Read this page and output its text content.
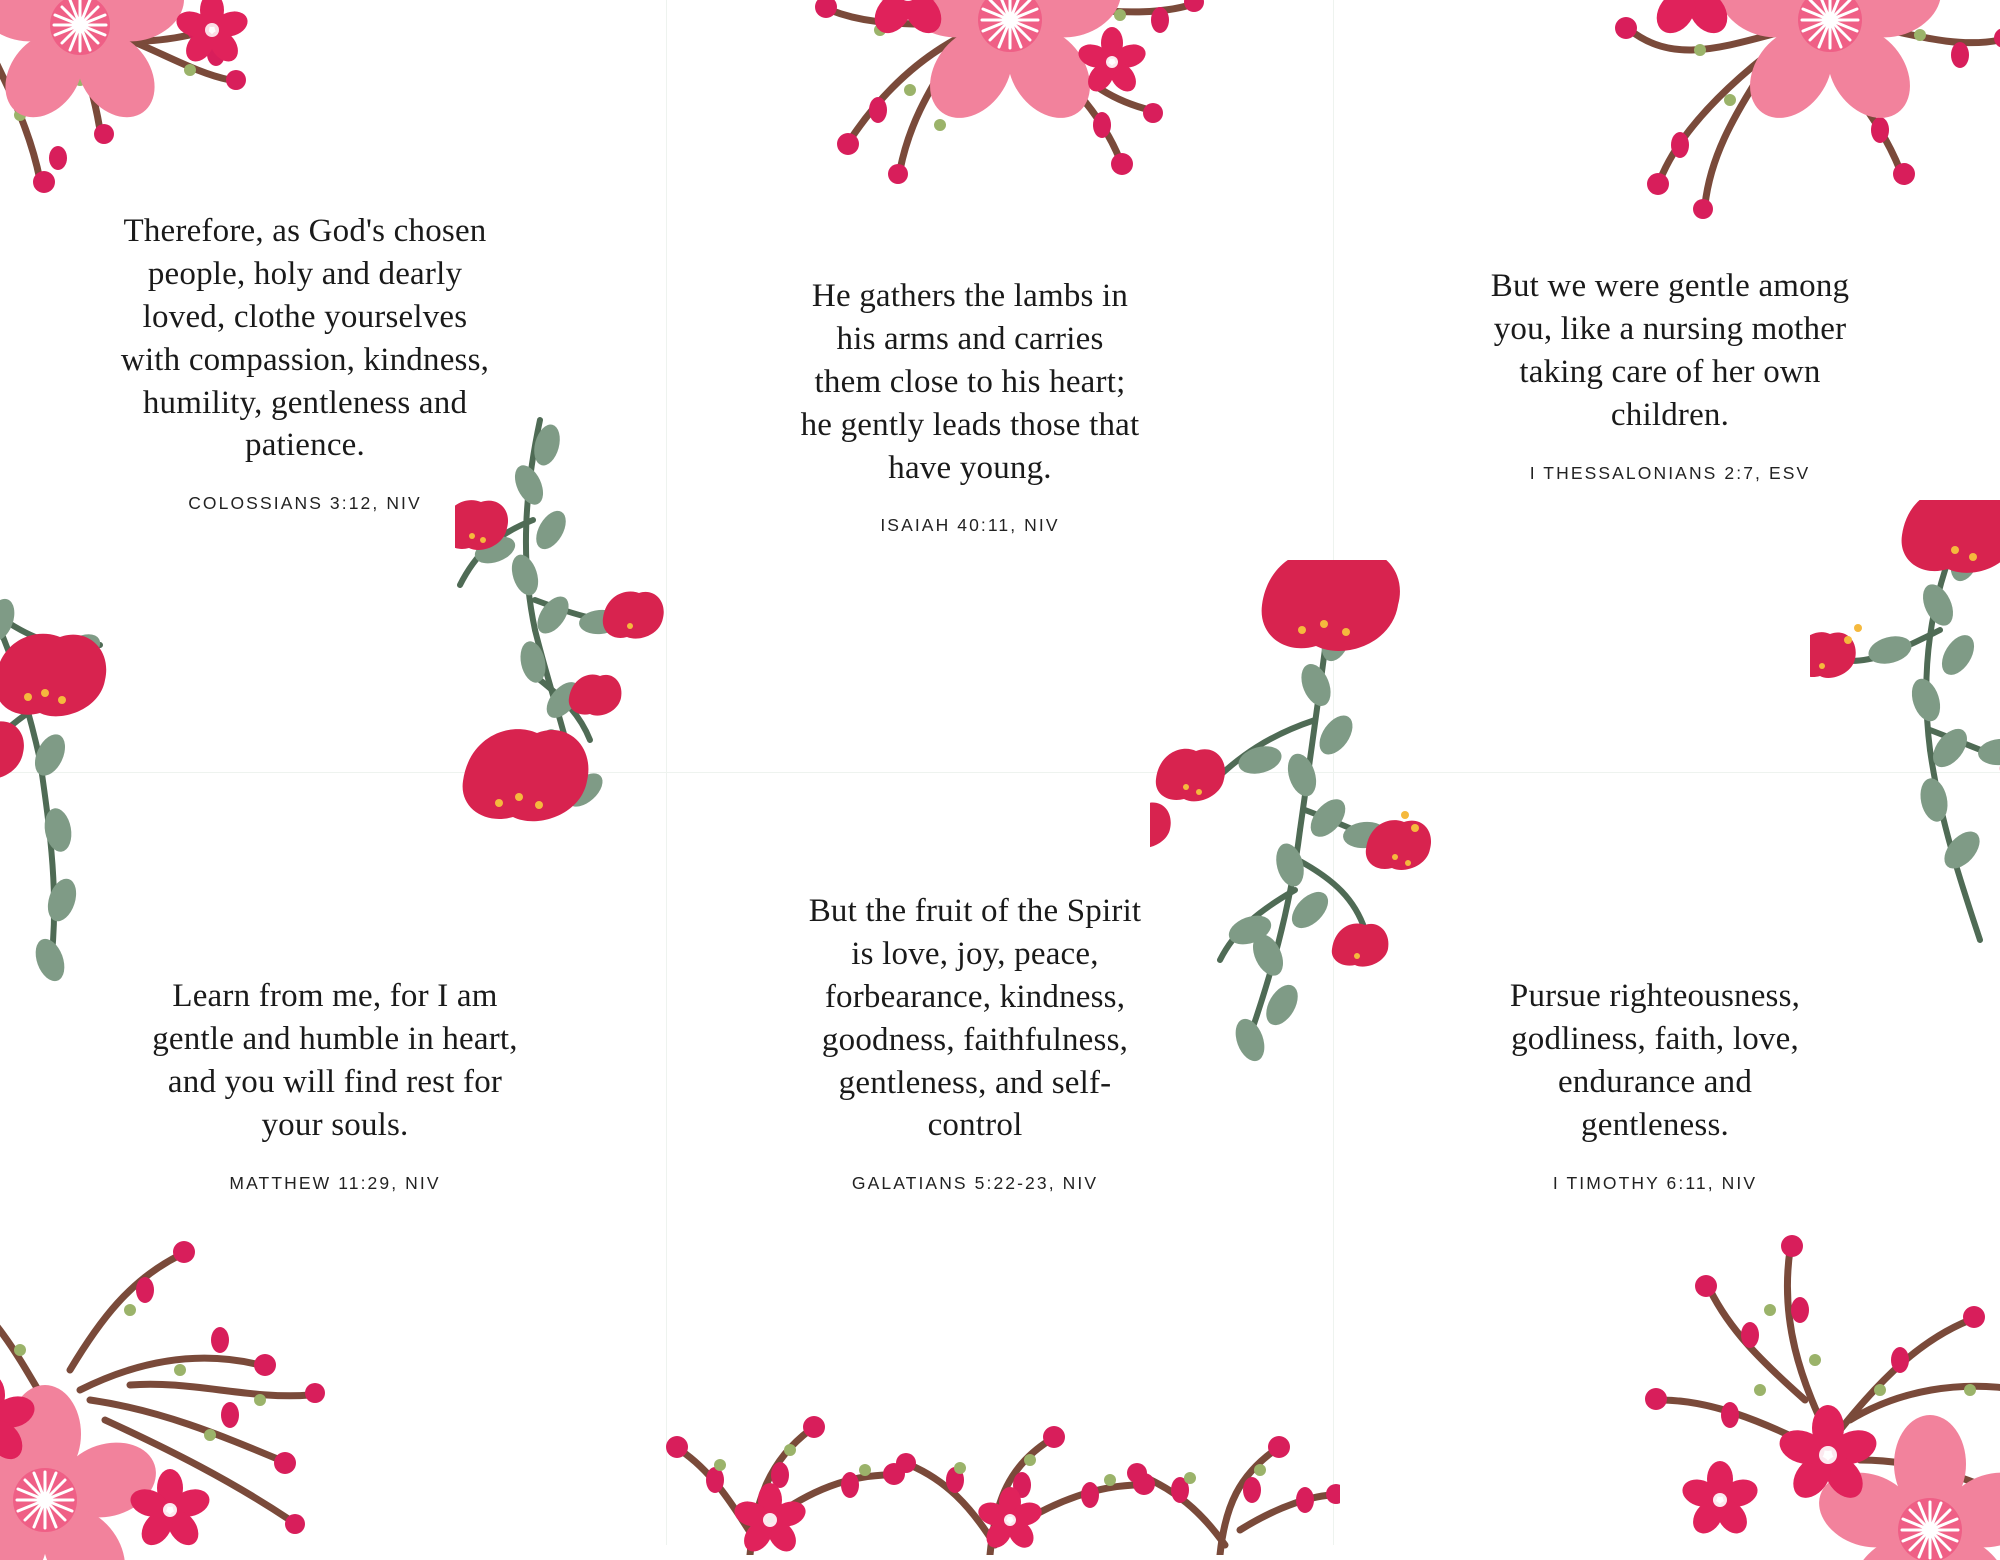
Therefore, as God's chosen people, holy and dearly loved, clothe yourselves with compassion, kindness, humility, gentleness and patience.

COLOSSIANS 3:12, NIV

He gathers the lambs in his arms and carries them close to his heart; he gently leads those that have young.

ISAIAH 40:11, NIV

But we were gentle among you, like a nursing mother taking care of her own children.

I THESSALONIANS 2:7, ESV

Learn from me, for I am gentle and humble in heart, and you will find rest for your souls.

MATTHEW 11:29, NIV

But the fruit of the Spirit is love, joy, peace, forbearance, kindness, goodness, faithfulness, gentleness, and self-control

GALATIANS 5:22-23, NIV

Pursue righteousness, godliness, faith, love, endurance and gentleness.

I TIMOTHY 6:11, NIV
